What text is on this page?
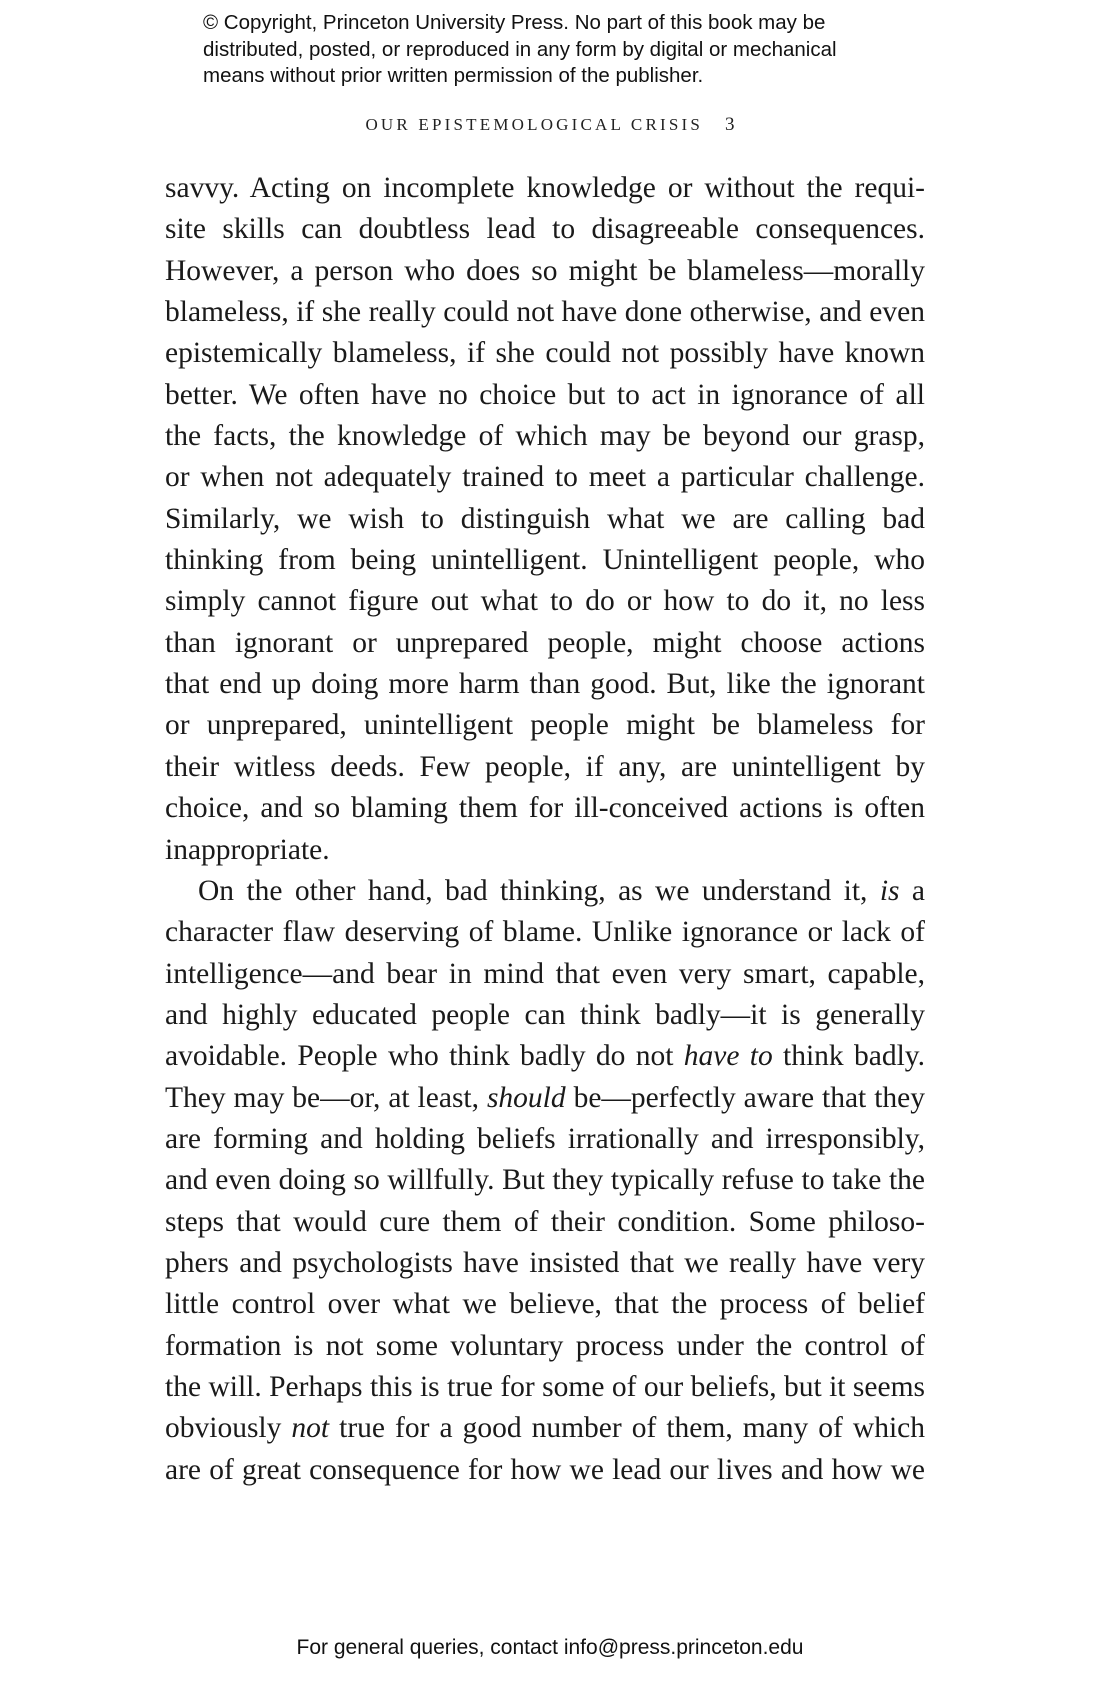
© Copyright, Princeton University Press. No part of this book may be
distributed, posted, or reproduced in any form by digital or mechanical
means without prior written permission of the publisher.
OUR EPISTEMOLOGICAL CRISIS 3
savvy. Acting on incomplete knowledge or without the requi-
site skills can doubtless lead to disagreeable consequences.
However, a person who does so might be blameless—morally
blameless, if she really could not have done otherwise, and even
epistemically blameless, if she could not possibly have known
better. We often have no choice but to act in ignorance of all
the facts, the knowledge of which may be beyond our grasp,
or when not adequately trained to meet a particular challenge.
Similarly, we wish to distinguish what we are calling bad
thinking from being unintelligent. Unintelligent people, who
simply cannot figure out what to do or how to do it, no less
than ignorant or unprepared people, might choose actions
that end up doing more harm than good. But, like the ignorant
or unprepared, unintelligent people might be blameless for
their witless deeds. Few people, if any, are unintelligent by
choice, and so blaming them for ill-conceived actions is often
inappropriate.
On the other hand, bad thinking, as we understand it, is a
character flaw deserving of blame. Unlike ignorance or lack of
intelligence—and bear in mind that even very smart, capable,
and highly educated people can think badly—it is generally
avoidable. People who think badly do not have to think badly.
They may be—or, at least, should be—perfectly aware that they
are forming and holding beliefs irrationally and irresponsibly,
and even doing so willfully. But they typically refuse to take the
steps that would cure them of their condition. Some philoso-
phers and psychologists have insisted that we really have very
little control over what we believe, that the process of belief
formation is not some voluntary process under the control of
the will. Perhaps this is true for some of our beliefs, but it seems
obviously not true for a good number of them, many of which
are of great consequence for how we lead our lives and how we
For general queries, contact info@press.princeton.edu
